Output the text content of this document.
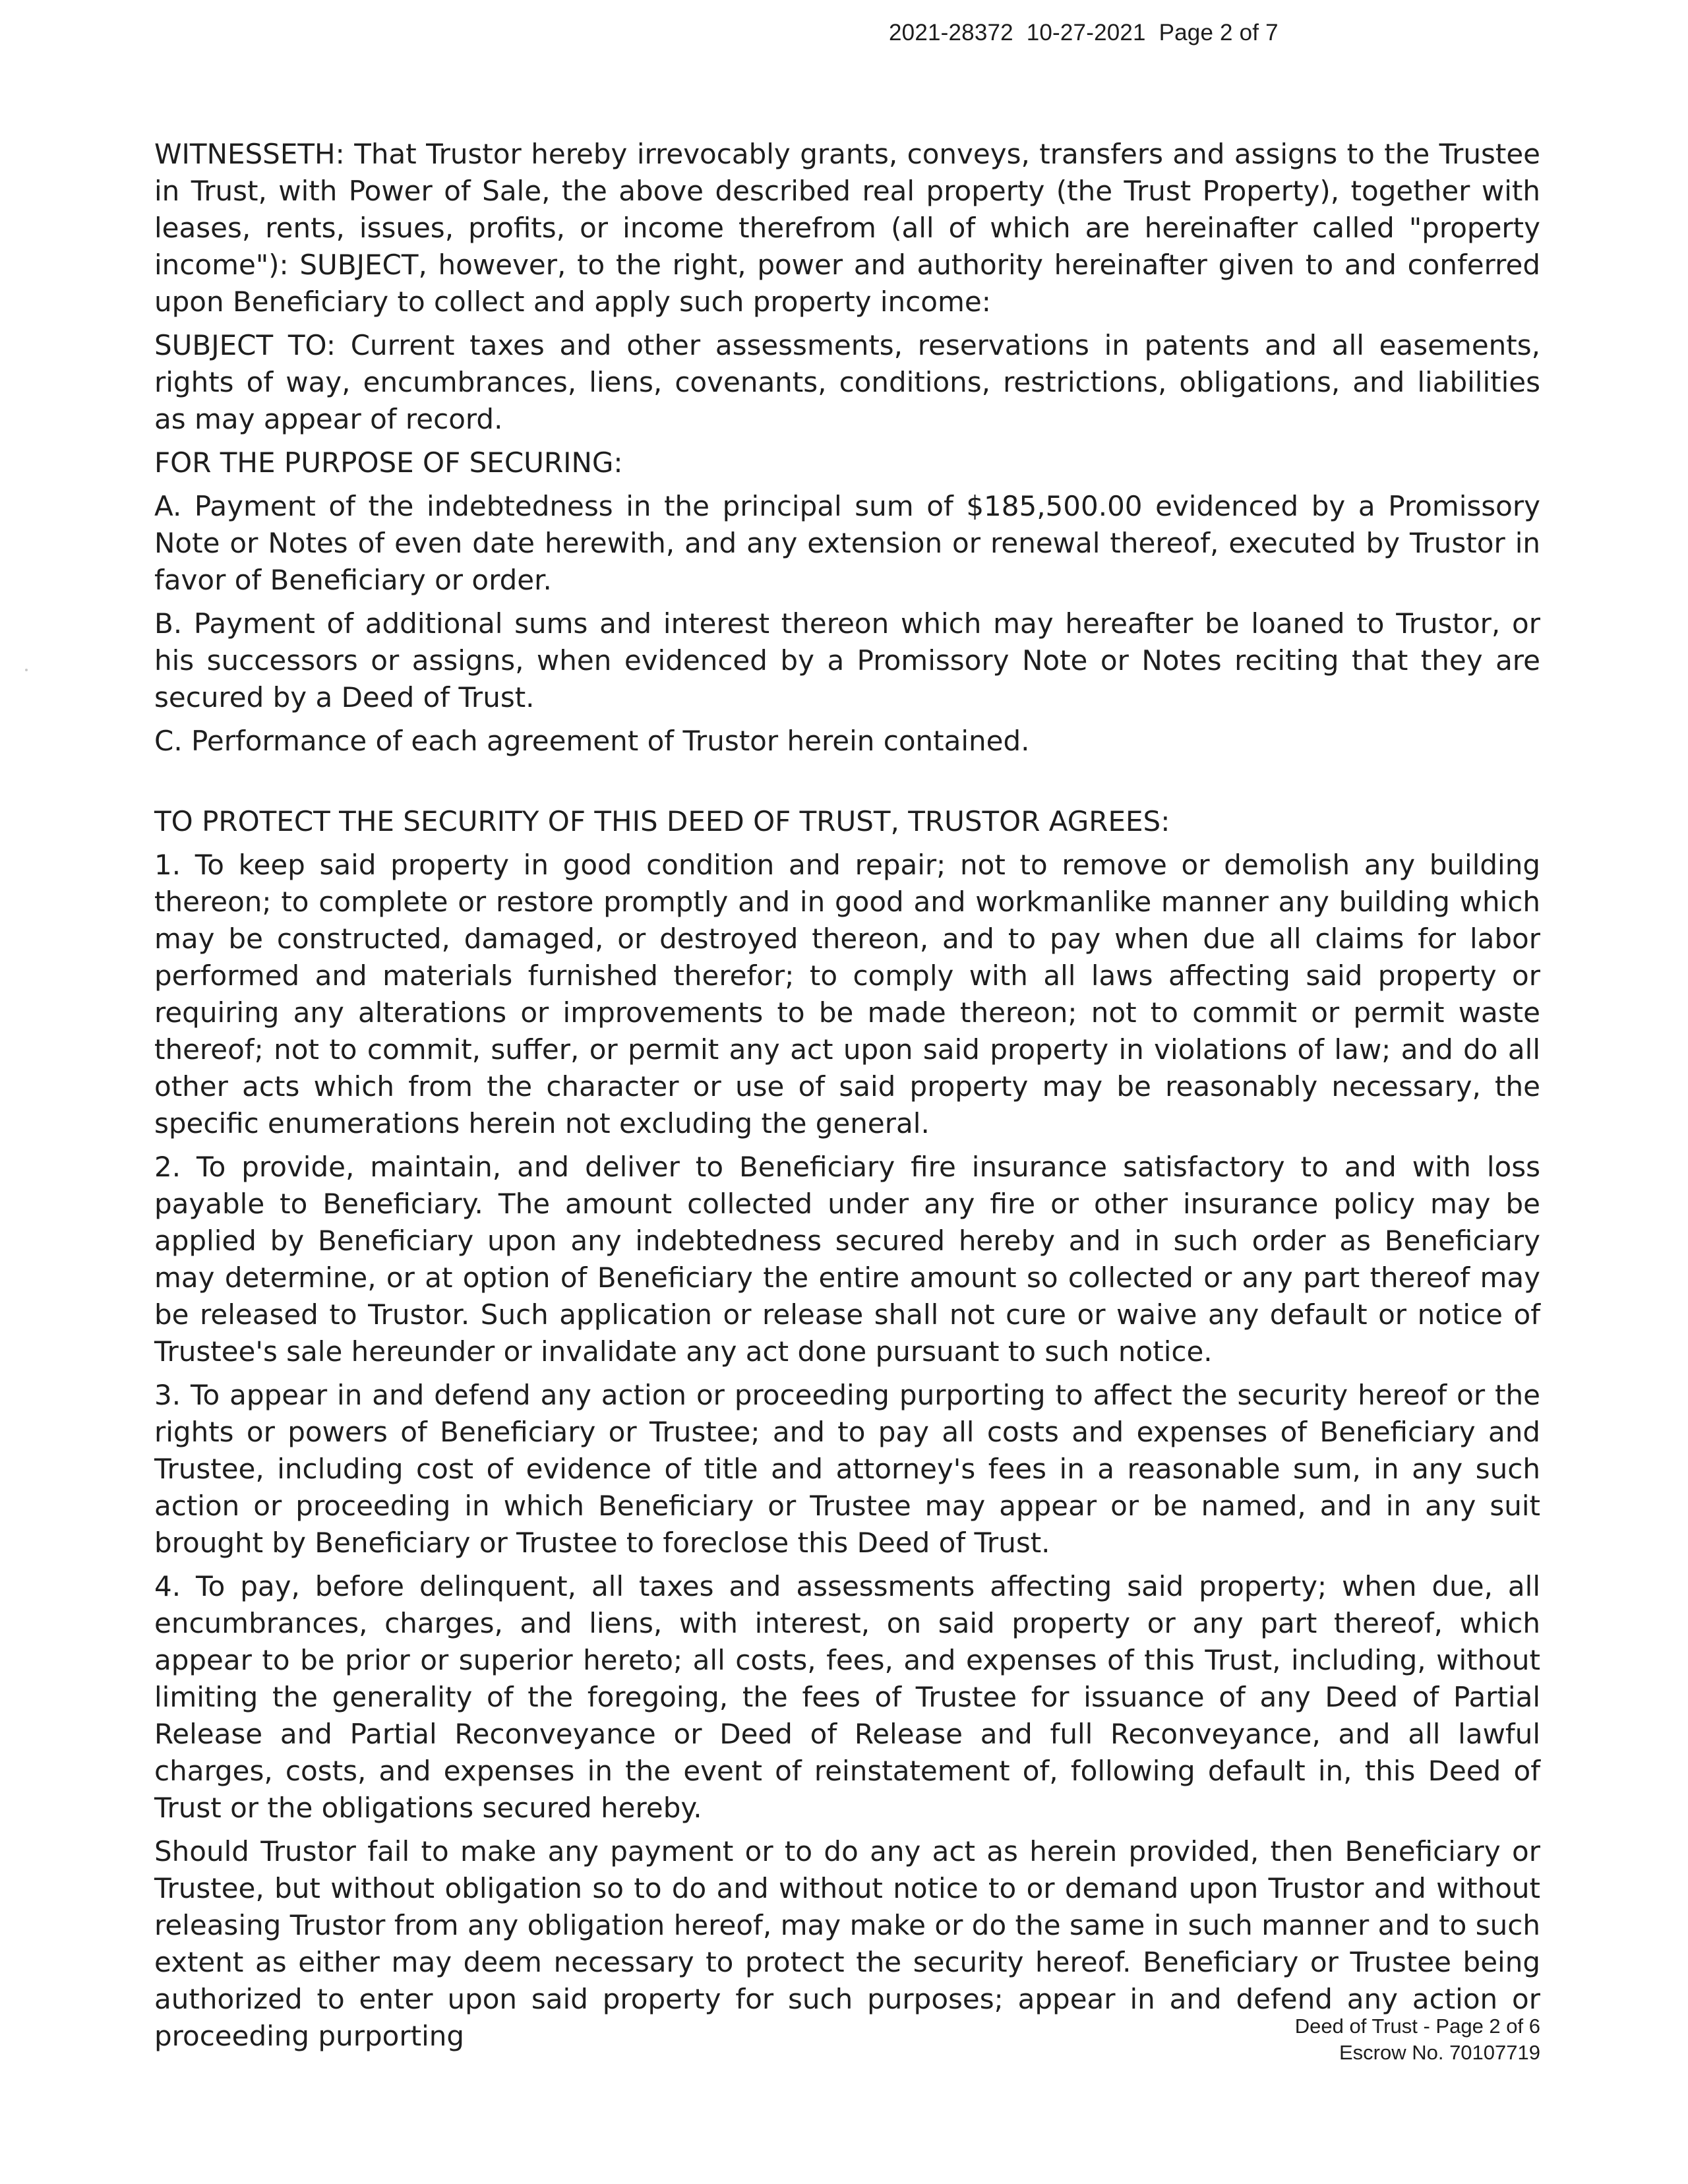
2021-28372  10-27-2021  Page 2 of 7

WITNESSETH: That Trustor hereby irrevocably grants, conveys, transfers and assigns to the Trustee in Trust, with Power of Sale, the above described real property (the Trust Property), together with leases, rents, issues, profits, or income therefrom (all of which are hereinafter called "property income"): SUBJECT, however, to the right, power and authority hereinafter given to and conferred upon Beneficiary to collect and apply such property income:

SUBJECT TO: Current taxes and other assessments, reservations in patents and all easements, rights of way, encumbrances, liens, covenants, conditions, restrictions, obligations, and liabilities as may appear of record.

FOR THE PURPOSE OF SECURING:

A. Payment of the indebtedness in the principal sum of $185,500.00 evidenced by a Promissory Note or Notes of even date herewith, and any extension or renewal thereof, executed by Trustor in favor of Beneficiary or order.

B. Payment of additional sums and interest thereon which may hereafter be loaned to Trustor, or his successors or assigns, when evidenced by a Promissory Note or Notes reciting that they are secured by a Deed of Trust.

C. Performance of each agreement of Trustor herein contained.

TO PROTECT THE SECURITY OF THIS DEED OF TRUST, TRUSTOR AGREES:

1. To keep said property in good condition and repair; not to remove or demolish any building thereon; to complete or restore promptly and in good and workmanlike manner any building which may be constructed, damaged, or destroyed thereon, and to pay when due all claims for labor performed and materials furnished therefor; to comply with all laws affecting said property or requiring any alterations or improvements to be made thereon; not to commit or permit waste thereof; not to commit, suffer, or permit any act upon said property in violations of law; and do all other acts which from the character or use of said property may be reasonably necessary, the specific enumerations herein not excluding the general.

2. To provide, maintain, and deliver to Beneficiary fire insurance satisfactory to and with loss payable to Beneficiary. The amount collected under any fire or other insurance policy may be applied by Beneficiary upon any indebtedness secured hereby and in such order as Beneficiary may determine, or at option of Beneficiary the entire amount so collected or any part thereof may be released to Trustor. Such application or release shall not cure or waive any default or notice of Trustee's sale hereunder or invalidate any act done pursuant to such notice.

3. To appear in and defend any action or proceeding purporting to affect the security hereof or the rights or powers of Beneficiary or Trustee; and to pay all costs and expenses of Beneficiary and Trustee, including cost of evidence of title and attorney's fees in a reasonable sum, in any such action or proceeding in which Beneficiary or Trustee may appear or be named, and in any suit brought by Beneficiary or Trustee to foreclose this Deed of Trust.

4. To pay, before delinquent, all taxes and assessments affecting said property; when due, all encumbrances, charges, and liens, with interest, on said property or any part thereof, which appear to be prior or superior hereto; all costs, fees, and expenses of this Trust, including, without limiting the generality of the foregoing, the fees of Trustee for issuance of any Deed of Partial Release and Partial Reconveyance or Deed of Release and full Reconveyance, and all lawful charges, costs, and expenses in the event of reinstatement of, following default in, this Deed of Trust or the obligations secured hereby.

Should Trustor fail to make any payment or to do any act as herein provided, then Beneficiary or Trustee, but without obligation so to do and without notice to or demand upon Trustor and without releasing Trustor from any obligation hereof, may make or do the same in such manner and to such extent as either may deem necessary to protect the security hereof. Beneficiary or Trustee being authorized to enter upon said property for such purposes; appear in and defend any action or proceeding purporting	Deed of Trust - Page 2 of 6
Escrow No. 70107719
